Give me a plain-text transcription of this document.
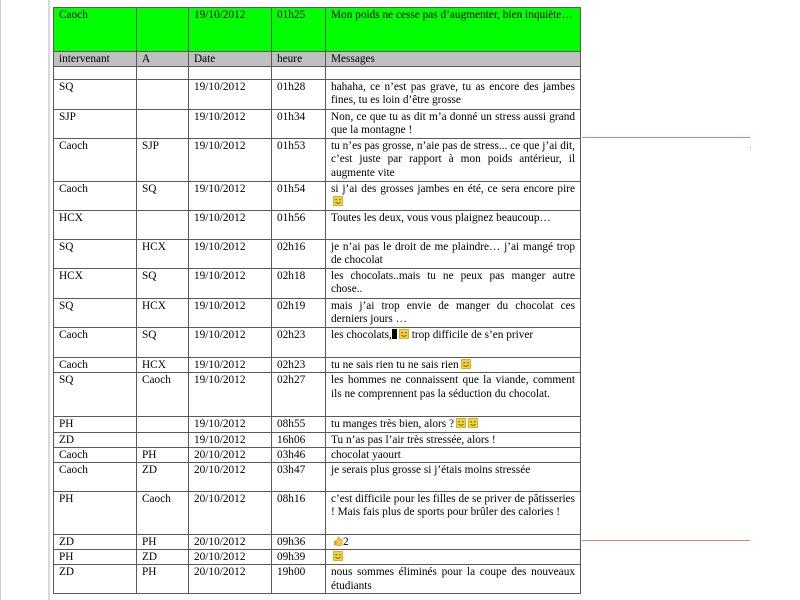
Caoch		19/10/2012	01h25	Mon poids ne cesse pas d’augmenter, bien inquiète…
intervenant	A	Date	heure	Messages

SQ		19/10/2012	01h28	hahaha, ce n’est pas grave, tu as encore des jambes fines, tu es loin d’être grosse
SJP		19/10/2012	01h34	Non, ce que tu as dit m’a donné un stress aussi grand que la montagne !
Caoch	SJP	19/10/2012	01h53	tu n’es pas grosse, n’aie pas de stress... ce que j’ai dit, c’est juste par rapport à mon poids antérieur, il augmente vite
Caoch	SQ	19/10/2012	01h54	si j’ai des grosses jambes en été, ce sera encore pire
HCX		19/10/2012	01h56	Toutes les deux, vous vous plaignez beaucoup…
SQ	HCX	19/10/2012	02h16	je n’ai pas le droit de me plaindre… j’ai mangé trop de chocolat
HCX	SQ	19/10/2012	02h18	les chocolats..mais tu ne peux pas manger autre chose..
SQ	HCX	19/10/2012	02h19	mais j’ai trop envie de manger du chocolat ces derniers jours …
Caoch	SQ	19/10/2012	02h23	les chocolats, trop difficile de s’en priver
Caoch	HCX	19/10/2012	02h23	tu ne sais rien tu ne sais rien
SQ	Caoch	19/10/2012	02h27	les hommes ne connaissent que la viande, comment ils ne comprennent pas la séduction du chocolat.
PH		19/10/2012	08h55	tu manges très bien, alors ?
ZD		19/10/2012	16h06	Tu n’as pas l’air très stressée, alors !
Caoch	PH	20/10/2012	03h46	chocolat yaourt
Caoch	ZD	20/10/2012	03h47	je serais plus grosse si j’étais moins stressée
PH	Caoch	20/10/2012	08h16	c’est difficile pour les filles de se priver de pâtisseries ! Mais fais plus de sports pour brûler des calories !
ZD	PH	20/10/2012	09h36	2
PH	ZD	20/10/2012	09h39	
ZD	PH	20/10/2012	19h00	nous sommes éliminés pour la coupe des nouveaux étudiants
